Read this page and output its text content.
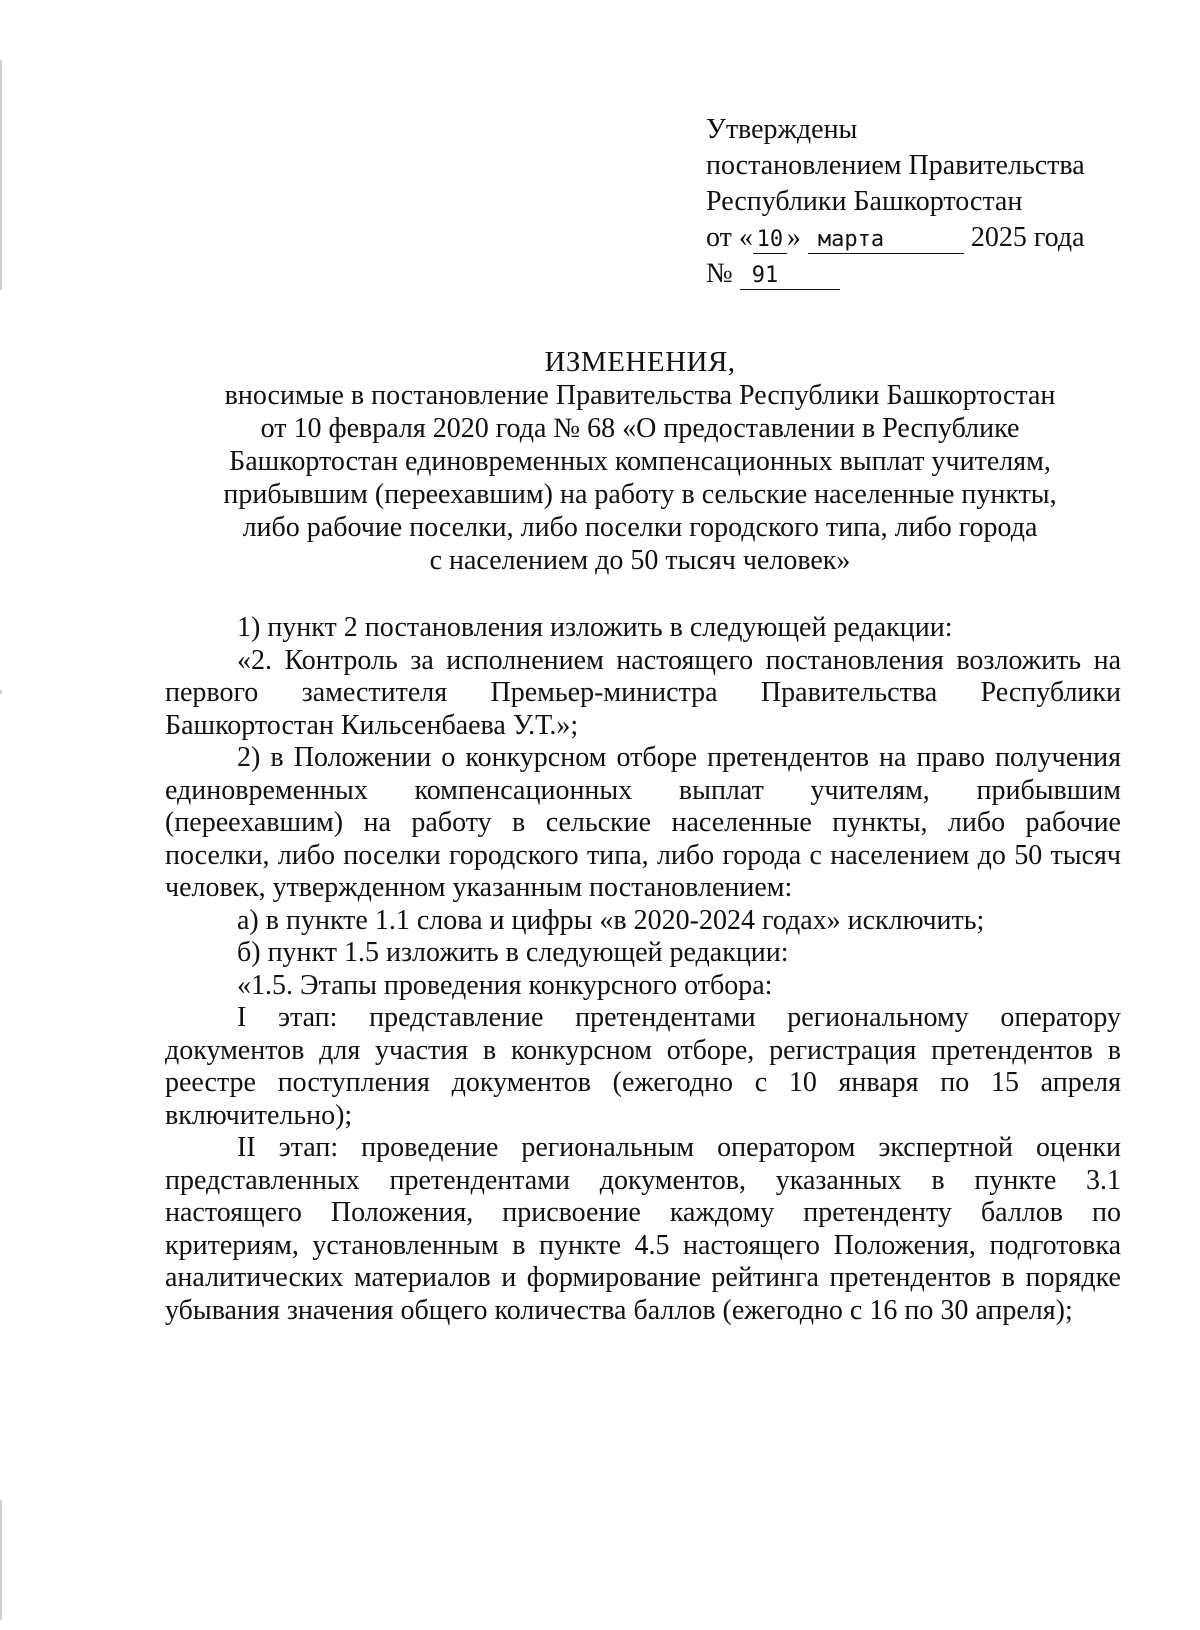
Утверждены
постановлением Правительства
Республики Башкортостан
от « 10 » марта	2025 года
№ 91
ИЗМЕНЕНИЯ,
вносимые в постановление Правительства Республики Башкортостан
от 10 февраля 2020 года № 68 «О предоставлении в Республике
Башкортостан единовременных компенсационных выплат учителям,
прибывшим (переехавшим) на работу в сельские населенные пункты,
либо рабочие поселки, либо поселки городского типа, либо города
с населением до 50 тысяч человек»

1) пункт 2 постановления изложить в следующей редакции:

«2. Контроль за исполнением настоящего постановления возложить на первого заместителя Премьер-министра Правительства Республики Башкортостан Кильсенбаева У.Т.»;

2) в Положении о конкурсном отборе претендентов на право получения единовременных компенсационных выплат учителям, прибывшим (переехавшим) на работу в сельские населенные пункты, либо рабочие поселки, либо поселки городского типа, либо города с населением до 50 тысяч человек, утвержденном указанным постановлением:

а) в пункте 1.1 слова и цифры «в 2020-2024 годах» исключить;

б) пункт 1.5 изложить в следующей редакции:

«1.5. Этапы проведения конкурсного отбора:

I этап: представление претендентами региональному оператору документов для участия в конкурсном отборе, регистрация претендентов в реестре поступления документов (ежегодно с 10 января по 15 апреля включительно);

II этап: проведение региональным оператором экспертной оценки представленных претендентами документов, указанных в пункте 3.1 настоящего Положения, присвоение каждому претенденту баллов по критериям, установленным в пункте 4.5 настоящего Положения, подготовка аналитических материалов и формирование рейтинга претендентов в порядке убывания значения общего количества баллов (ежегодно с 16 по 30 апреля);
